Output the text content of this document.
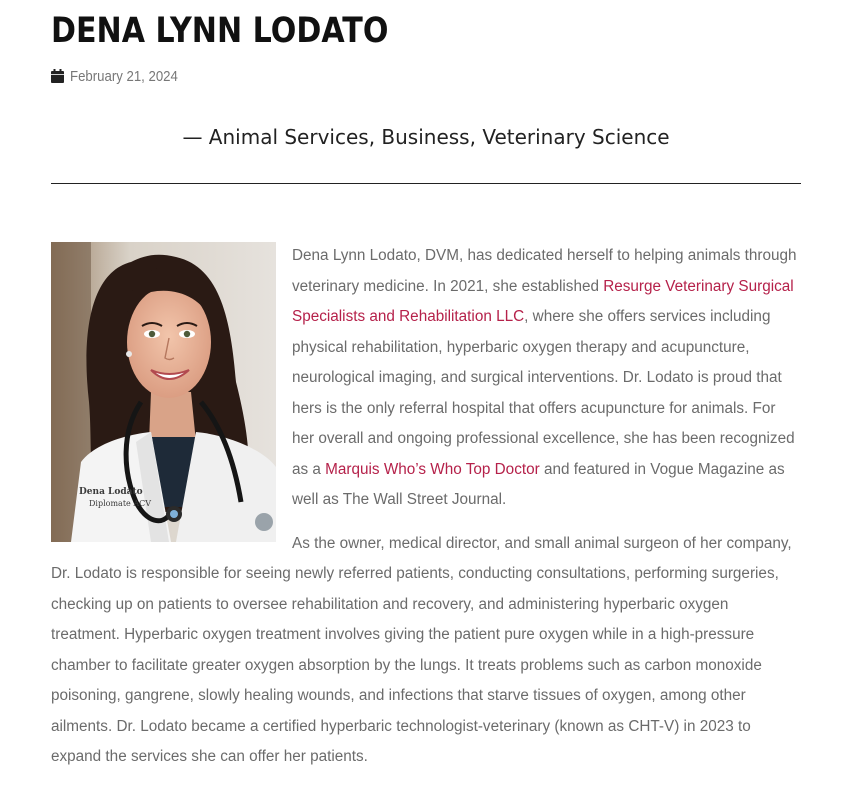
DENA LYNN LODATO
February 21, 2024
— Animal Services, Business, Veterinary Science
Dena Lodato
Diplomate ACV

Dena Lynn Lodato, DVM, has dedicated herself to helping animals through veterinary medicine. In 2021, she established Resurge Veterinary Surgical Specialists and Rehabilitation LLC, where she offers services including physical rehabilitation, hyperbaric oxygen therapy and acupuncture, neurological imaging, and surgical interventions. Dr. Lodato is proud that hers is the only referral hospital that offers acupuncture for animals. For her overall and ongoing professional excellence, she has been recognized as a Marquis Who’s Who Top Doctor and featured in Vogue Magazine as well as The Wall Street Journal.

As the owner, medical director, and small animal surgeon of her company, Dr. Lodato is responsible for seeing newly referred patients, conducting consultations, performing surgeries, checking up on patients to oversee rehabilitation and recovery, and administering hyperbaric oxygen treatment. Hyperbaric oxygen treatment involves giving the patient pure oxygen while in a high-pressure chamber to facilitate greater oxygen absorption by the lungs. It treats problems such as carbon monoxide poisoning, gangrene, slowly healing wounds, and infections that starve tissues of oxygen, among other ailments. Dr. Lodato became a certified hyperbaric technologist-veterinary (known as CHT-V) in 2023 to expand the services she can offer her patients.
